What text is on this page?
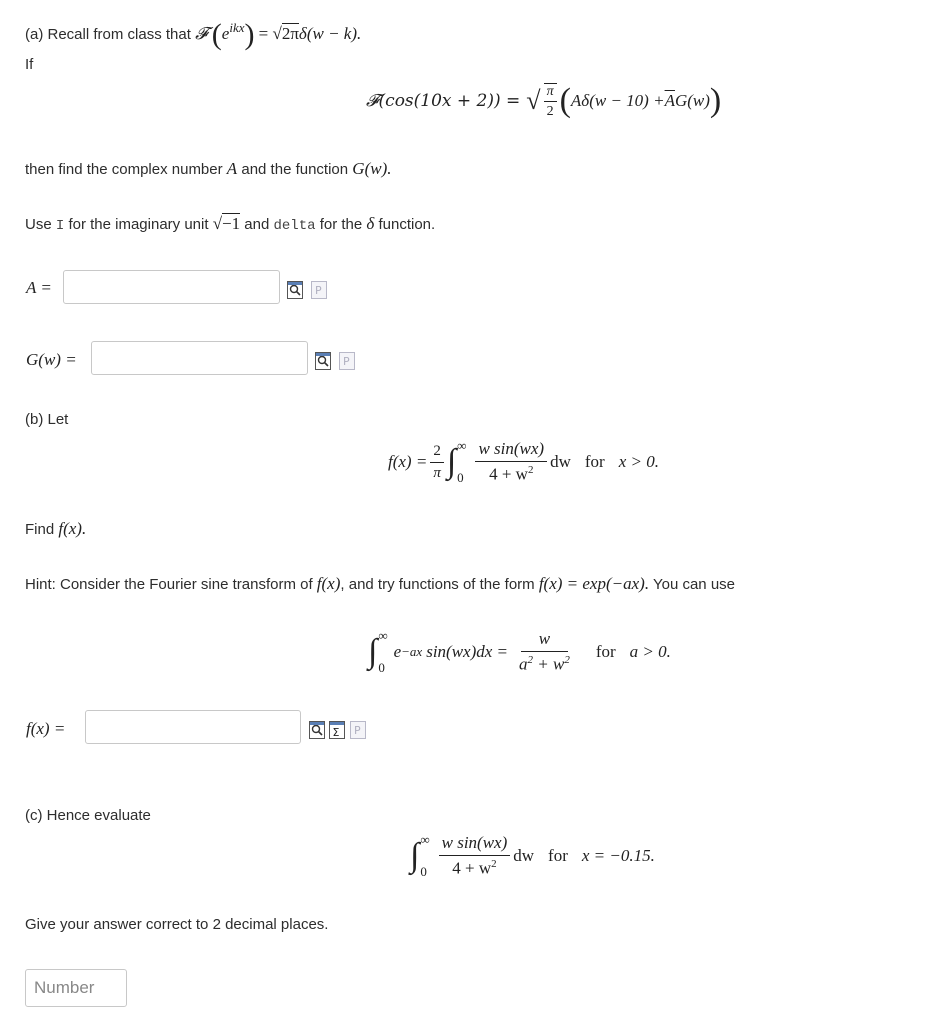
(a) Recall from class that 𝓕 $(e^{ikx}) = √2\pi\delta(w - k)$.
If
𝓕(cos(10x + 2)) = √ $\frac{\pi}{2}$ ( $A\delta(w - 10) + \overline{A}$ G(w) )
then find the complex number A and the function G(w).
Use I for the imaginary unit √−1 and delta for the δ function.
A =	P
G(w) =	P
(b) Let
$f(x) = \frac{2}{\pi}$ ∫ ∞
$0 \frac{\text{w sin(wx)}}{4 + w^2}$ dw for x > 0.
Find f(x).
Hint: Consider the Fourier sine transform of f(x), and try functions of the form f(x) = exp(−ax). You can use
∫ ∞
0
e −ax $\sin(wx)dx = \frac{w}{a^2 + w^2}$ for a > 0.
f(x) =	Σ P
(c) Hence evaluate
∫ ∞
$0 \frac{\text{w sin(wx)}}{4 + w^2}$ dw for x = −0.15.
Give your answer correct to 2 decimal places.
Number
